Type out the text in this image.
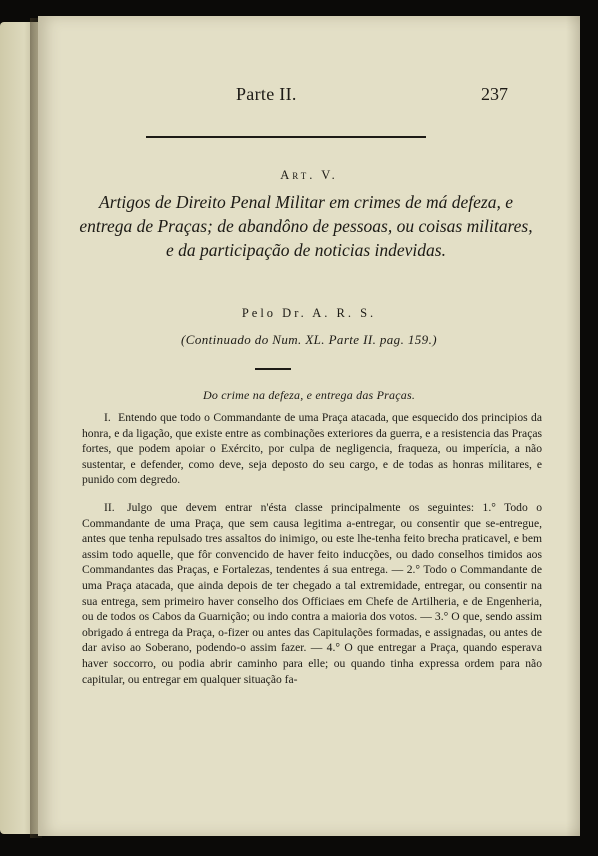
Parte II.	237
Art. V.
Artigos de Direito Penal Militar em crimes de má defeza, e entrega de Praças; de abandôno de pessoas, ou coisas militares, e da participação de noticias indevidas.
Pelo Dr. A. R. S.
(Continuado do Num. XL. Parte II. pag. 159.)
Do crime na defeza, e entrega das Praças.

I. Entendo que todo o Commandante de uma Praça atacada, que esquecido dos principios da honra, e da ligação, que existe entre as combinações exteriores da guerra, e a resistencia das Praças fortes, que podem apoiar o Exército, por culpa de negligencia, fraqueza, ou imperícia, a não sustentar, e defender, como deve, seja deposto do seu cargo, e de todas as honras militares, e punido com degredo.

II. Julgo que devem entrar n'ésta classe principalmente os seguintes: 1.° Todo o Commandante de uma Praça, que sem causa legitima a-entregar, ou consentir que se-entregue, antes que tenha repulsado tres assaltos do inimigo, ou este lhe-tenha feito brecha praticavel, e bem assim todo aquelle, que fôr convencido de haver feito inducções, ou dado conselhos timidos aos Commandantes das Praças, e Fortalezas, tendentes á sua entrega. — 2.° Todo o Commandante de uma Praça atacada, que ainda depois de ter chegado a tal extremidade, entregar, ou consentir na sua entrega, sem primeiro haver conselho dos Officiaes em Chefe de Artilheria, e de Engenheria, ou de todos os Cabos da Guarnição; ou indo contra a maioria dos votos. — 3.° O que, sendo assim obrigado á entrega da Praça, o-fizer ou antes das Capitulações formadas, e assignadas, ou antes de dar aviso ao Soberano, podendo-o assim fazer. — 4.° O que entregar a Praça, quando esperava haver soccorro, ou podia abrir caminho para elle; ou quando tinha expressa ordem para não capitular, ou entregar em qualquer situação fa-
